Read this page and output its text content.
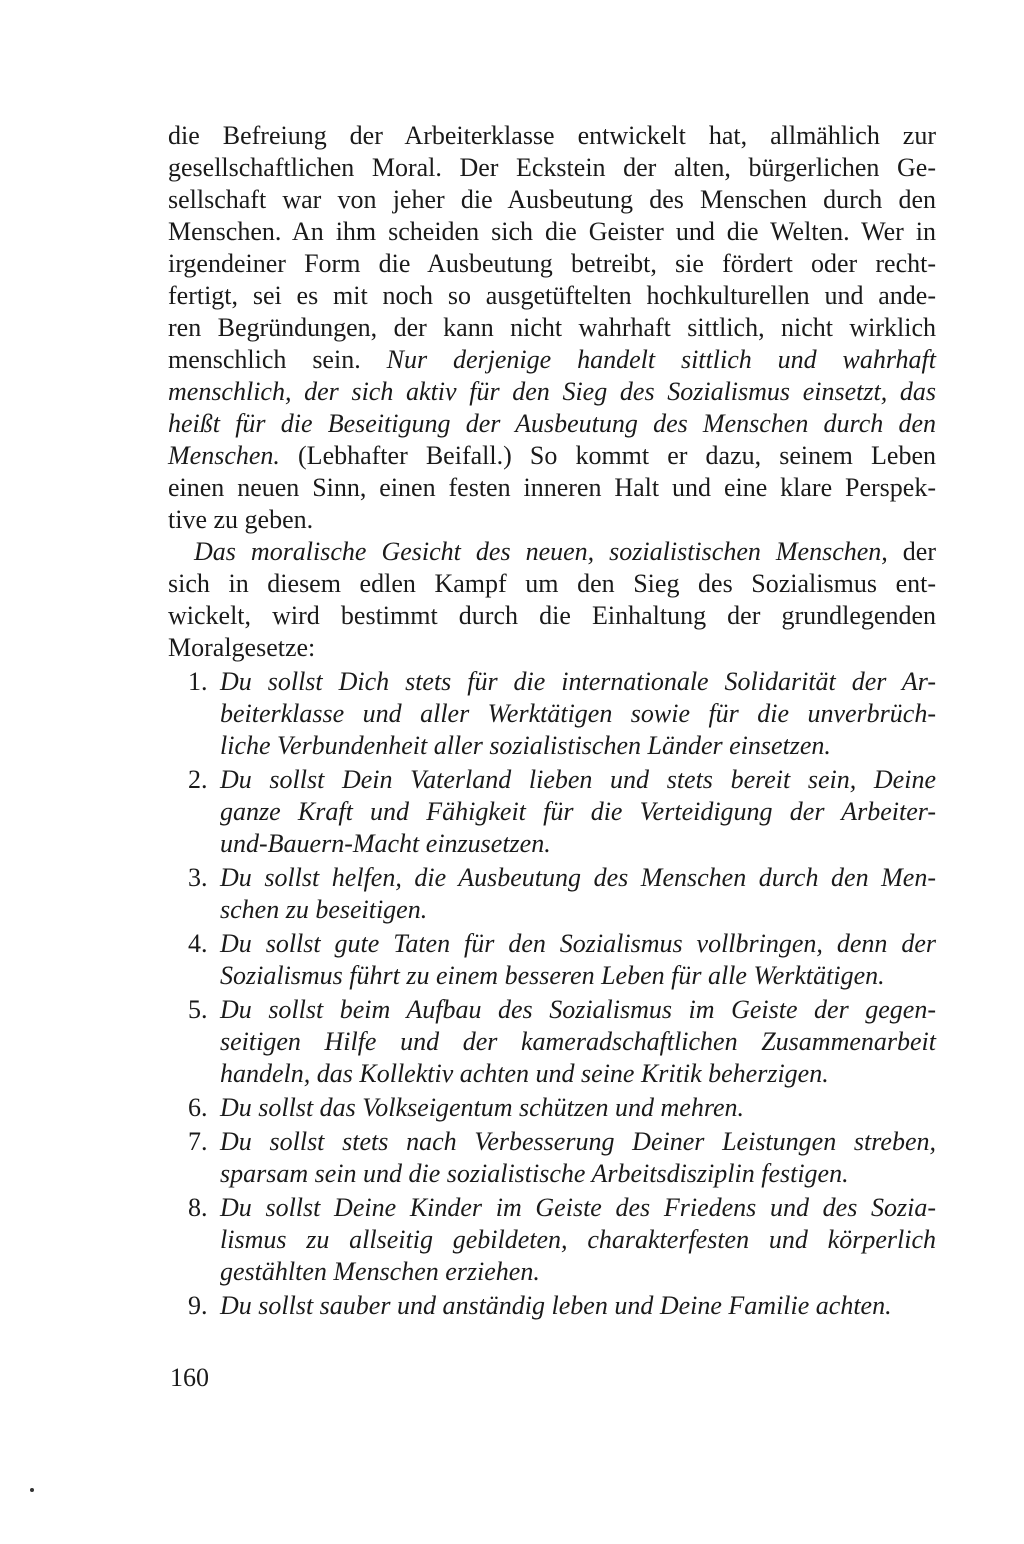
die Befreiung der Arbeiterklasse entwickelt hat, allmählich zur
gesellschaftlichen Moral. Der Eckstein der alten, bürgerlichen Ge-
sellschaft war von jeher die Ausbeutung des Menschen durch den
Menschen. An ihm scheiden sich die Geister und die Welten. Wer in
irgendeiner Form die Ausbeutung betreibt, sie fördert oder recht-
fertigt, sei es mit noch so ausgetüftelten hochkulturellen und ande-
ren Begründungen, der kann nicht wahrhaft sittlich, nicht wirklich
menschlich sein. Nur derjenige handelt sittlich und wahrhaft
menschlich, der sich aktiv für den Sieg des Sozialismus einsetzt, das
heißt für die Beseitigung der Ausbeutung des Menschen durch den
Menschen. (Lebhafter Beifall.) So kommt er dazu, seinem Leben
einen neuen Sinn, einen festen inneren Halt und eine klare Perspek-
tive zu geben.
Das moralische Gesicht des neuen, sozialistischen Menschen, der
sich in diesem edlen Kampf um den Sieg des Sozialismus ent-
wickelt, wird bestimmt durch die Einhaltung der grundlegenden
Moralgesetze:
1. Du sollst Dich stets für die internationale Solidarität der Ar-
beiterklasse und aller Werktätigen sowie für die unverbrüch-
liche Verbundenheit aller sozialistischen Länder einsetzen.
2. Du sollst Dein Vaterland lieben und stets bereit sein, Deine
ganze Kraft und Fähigkeit für die Verteidigung der Arbeiter-
und-Bauern-Macht einzusetzen.
3. Du sollst helfen, die Ausbeutung des Menschen durch den Men-
schen zu beseitigen.
4. Du sollst gute Taten für den Sozialismus vollbringen, denn der
Sozialismus führt zu einem besseren Leben für alle Werktätigen.
5. Du sollst beim Aufbau des Sozialismus im Geiste der gegen-
seitigen Hilfe und der kameradschaftlichen Zusammenarbeit
handeln, das Kollektiv achten und seine Kritik beherzigen.
6. Du sollst das Volkseigentum schützen und mehren.
7. Du sollst stets nach Verbesserung Deiner Leistungen streben,
sparsam sein und die sozialistische Arbeitsdisziplin festigen.
8. Du sollst Deine Kinder im Geiste des Friedens und des Sozia-
lismus zu allseitig gebildeten, charakterfesten und körperlich
gestählten Menschen erziehen.
9. Du sollst sauber und anständig leben und Deine Familie achten.
160
